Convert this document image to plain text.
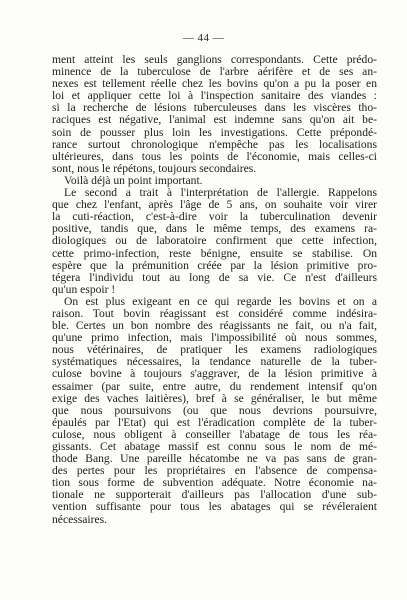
— 44 —
ment atteint les seuls ganglions correspondants. Cette prédo-
minence de la tuberculose de l'arbre aérifère et de ses an-
nexes est tellement réelle chez les bovins qu'on a pu la poser en
loi et appliquer cette loi à l'inspection sanitaire des viandes :
si la recherche de lésions tuberculeuses dans les viscères tho-
raciques est négative, l'animal est indemne sans qu'on ait be-
soin de pousser plus loin les investigations. Cette prépondé-
rance surtout chronologique n'empêche pas les localisations
ultérieures, dans tous les points de l'économie, mais celles-ci
sont, nous le répétons, toujours secondaires.
Voilà déjà un point important.
Le second a trait à l'interprétation de l'allergie. Rappelons
que chez l'enfant, après l'âge de 5 ans, on souhaite voir virer
la cuti-réaction, c'est-à-dire voir la tuberculination devenir
positive, tandis que, dans le même temps, des examens ra-
diologiques ou de laboratoire confirment que cette infection,
cette primo-infection, reste bénigne, ensuite se stabilise. On
espère que la prémunition créée par la lésion primitive pro-
tégera l'individu tout au long de sa vie. Ce n'est d'ailleurs
qu'un espoir !
On est plus exigeant en ce qui regarde les bovins et on a
raison. Tout bovin réagissant est considéré comme indésira-
ble. Certes un bon nombre des réagissants ne fait, ou n'a fait,
qu'une primo infection, mais l'impossibilité où nous sommes,
nous vétérinaires, de pratiquer les examens radiologiques
systématiques nécessaires, la tendance naturelle de la tuber-
culose bovine à toujours s'aggraver, de la lésion primitive à
essaimer (par suite, entre autre, du rendement intensif qu'on
exige des vaches laitières), bref à se généraliser, le but même
que nous poursuivons (ou que nous devrions poursuivre,
épaulés par l'Etat) qui est l'éradication complète de la tuber-
culose, nous obligent à conseiller l'abatage de tous les réa-
gissants. Cet abatage massif est connu sous le nom de mé-
thode Bang. Une pareille hécatombe ne va pas sans de gran-
des pertes pour les propriétaires en l'absence de compensa-
tion sous forme de subvention adéquate. Notre économie na-
tionale ne supporterait d'ailleurs pas l'allocation d'une sub-
vention suffisante pour tous les abatages qui se révéleraient
nécessaires.
